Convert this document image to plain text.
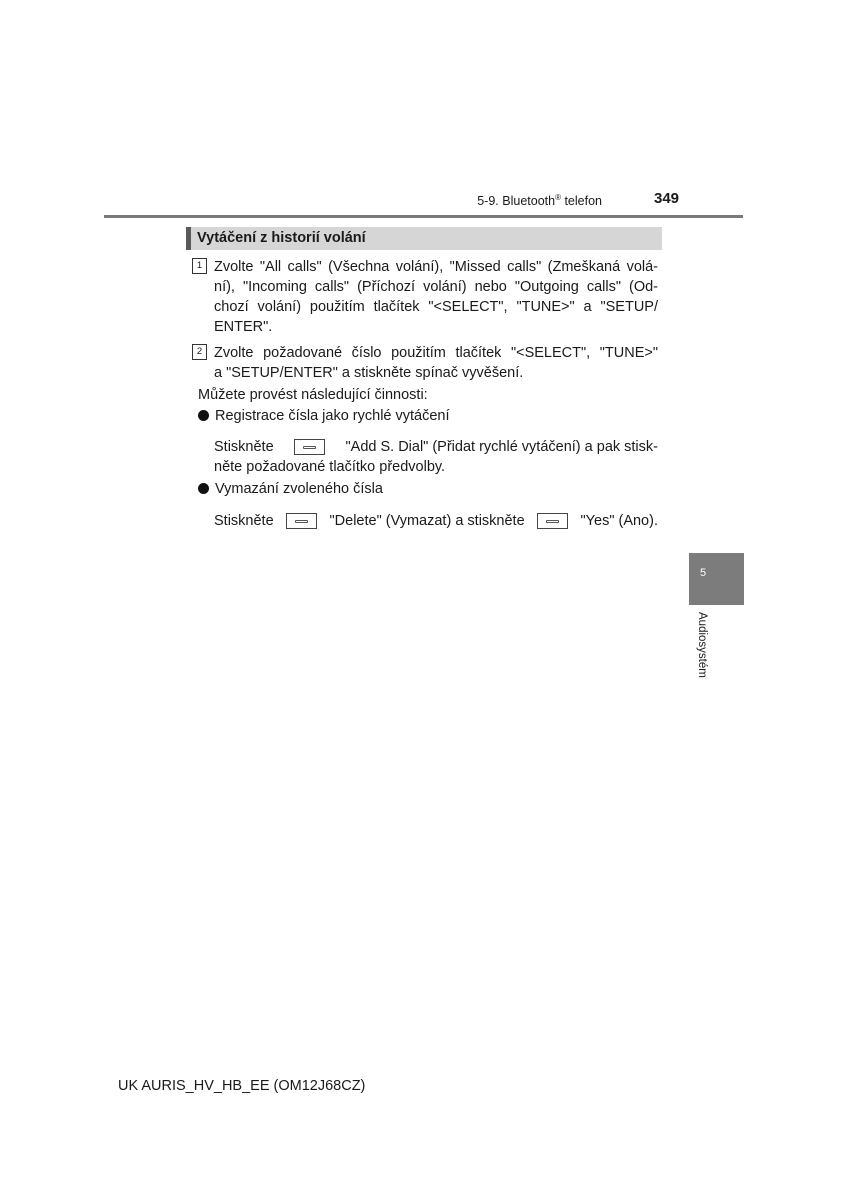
5-9. Bluetooth® telefon	349
Vytáčení z historií volání
1 Zvolte "All calls" (Všechna volání), "Missed calls" (Zmeškaná volá-
ní), "Incoming calls" (Příchozí volání) nebo "Outgoing calls" (Od-
chozí volání) použitím tlačítek "<SELECT", "TUNE>" a "SETUP/
ENTER".
2 Zvolte požadované číslo použitím tlačítek "<SELECT", "TUNE>"
a "SETUP/ENTER" a stiskněte spínač vyvěšení.
Můžete provést následující činnosti:
Registrace čísla jako rychlé vytáčení
Stiskněte	"Add S. Dial" (Přidat rychlé vytáčení) a pak stisk-
něte požadované tlačítko předvolby.
Vymazání zvoleného čísla
Stiskněte	"Delete" (Vymazat) a stiskněte	"Yes" (Ano).
5
Audiosystém
UK AURIS_HV_HB_EE (OM12J68CZ)
